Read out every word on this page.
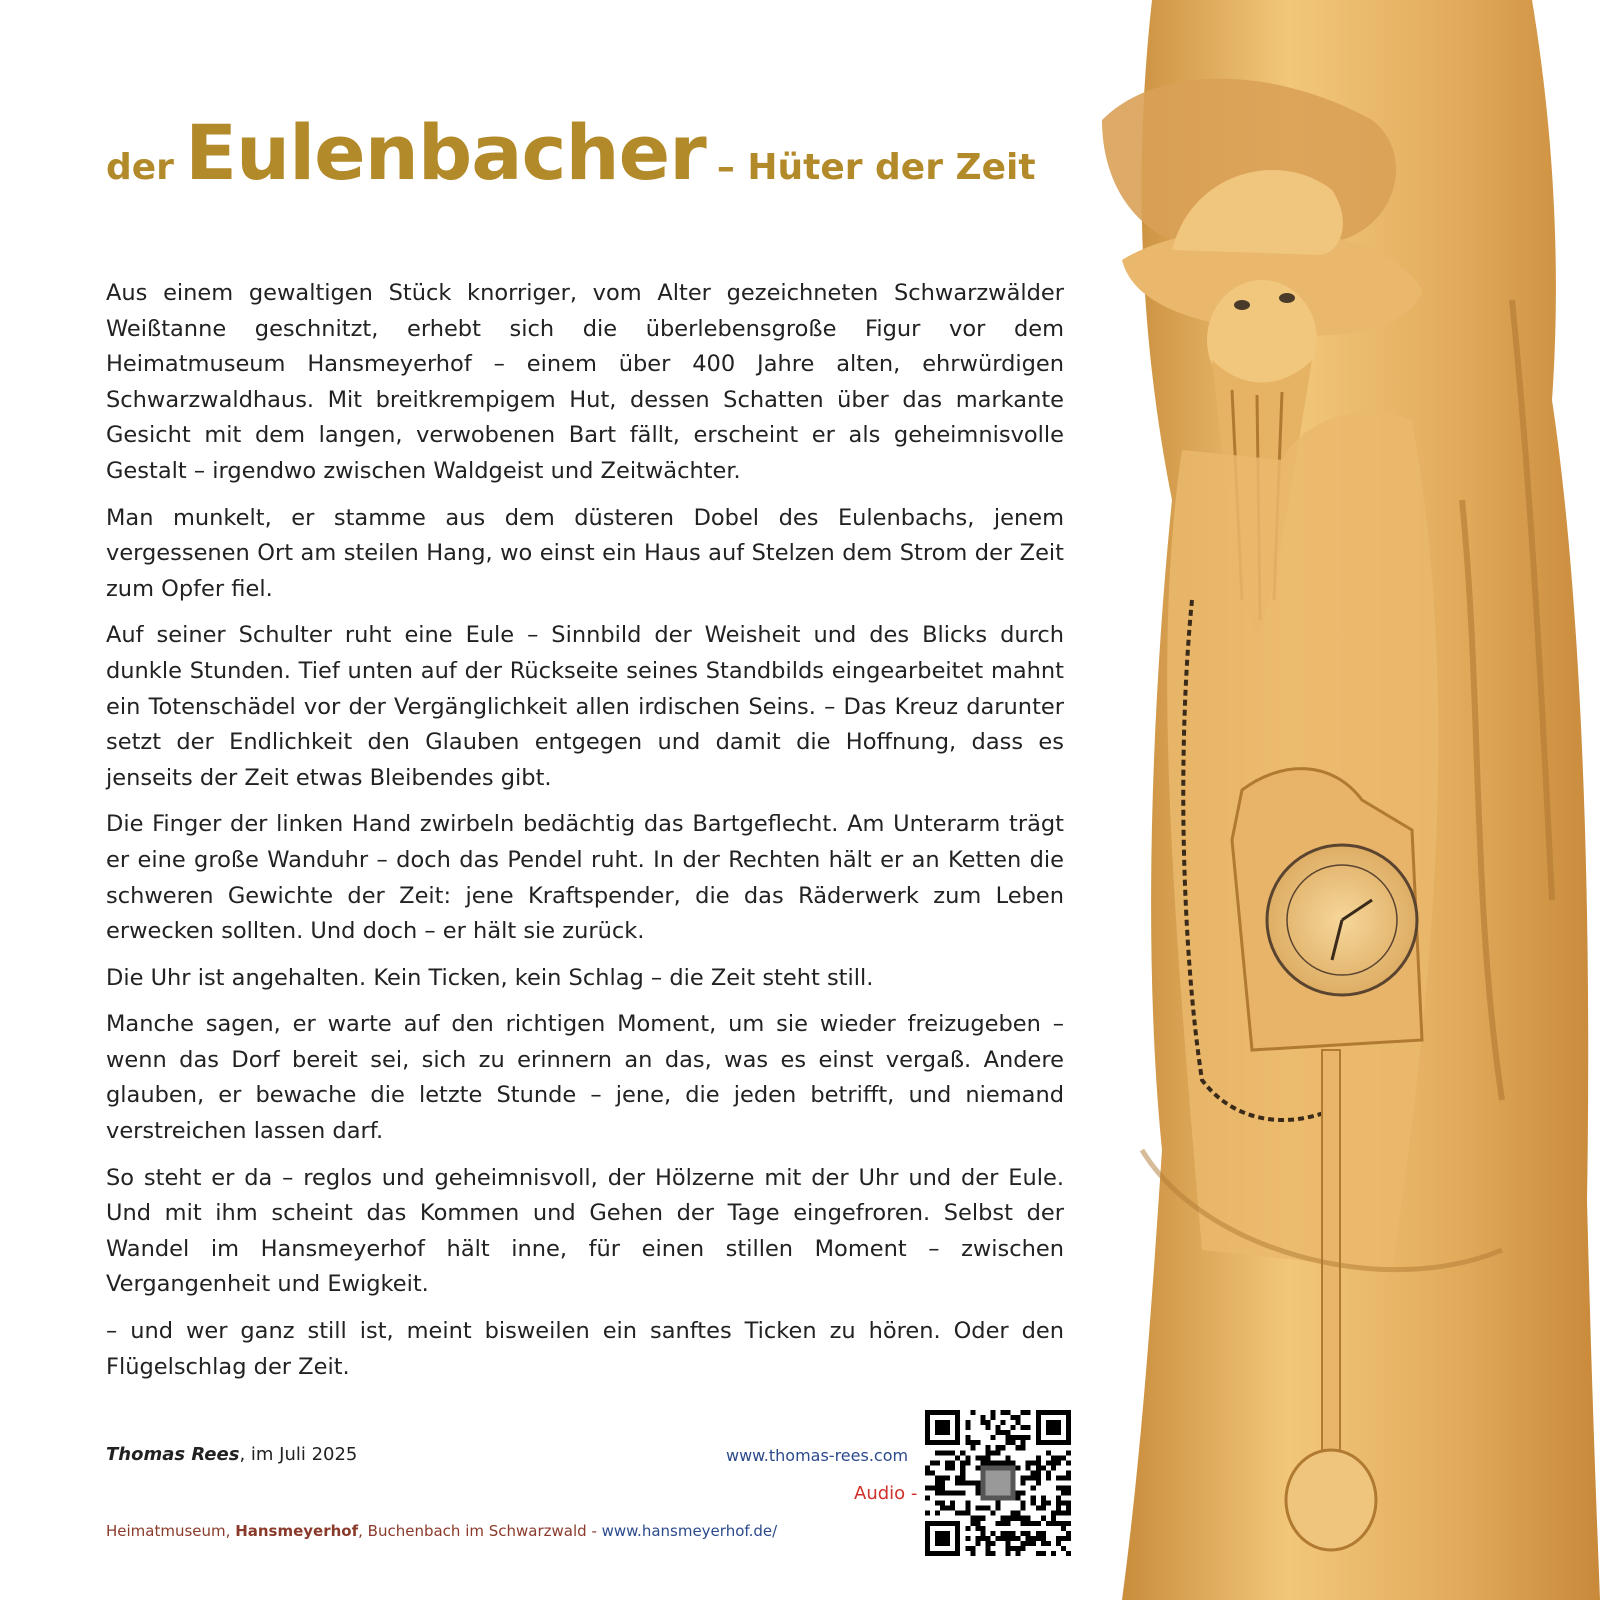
der Eulenbacher – Hüter der Zeit

Aus einem gewaltigen Stück knorriger, vom Alter gezeichneten Schwarzwälder Weißtanne geschnitzt, erhebt sich die überlebensgroße Figur vor dem Heimatmuseum Hansmeyerhof – einem über 400 Jahre alten, ehrwürdigen Schwarzwaldhaus. Mit breitkrempigem Hut, dessen Schatten über das markante Gesicht mit dem langen, verwobenen Bart fällt, erscheint er als geheimnisvolle Gestalt – irgendwo zwischen Waldgeist und Zeitwächter.

Man munkelt, er stamme aus dem düsteren Dobel des Eulenbachs, jenem vergessenen Ort am steilen Hang, wo einst ein Haus auf Stelzen dem Strom der Zeit zum Opfer fiel.

Auf seiner Schulter ruht eine Eule – Sinnbild der Weisheit und des Blicks durch dunkle Stunden. Tief unten auf der Rückseite seines Standbilds eingearbeitet mahnt ein Totenschädel vor der Vergänglichkeit allen irdischen Seins. – Das Kreuz darunter setzt der Endlichkeit den Glauben entgegen und damit die Hoffnung, dass es jenseits der Zeit etwas Bleibendes gibt.

Die Finger der linken Hand zwirbeln bedächtig das Bartgeflecht. Am Unterarm trägt er eine große Wanduhr – doch das Pendel ruht. In der Rechten hält er an Ketten die schweren Gewichte der Zeit: jene Kraftspender, die das Räderwerk zum Leben erwecken sollten. Und doch – er hält sie zurück.

Die Uhr ist angehalten. Kein Ticken, kein Schlag – die Zeit steht still.

Manche sagen, er warte auf den richtigen Moment, um sie wieder freizugeben – wenn das Dorf bereit sei, sich zu erinnern an das, was es einst vergaß. Andere glauben, er bewache die letzte Stunde – jene, die jeden betrifft, und niemand verstreichen lassen darf.

So steht er da – reglos und geheimnisvoll, der Hölzerne mit der Uhr und der Eule. Und mit ihm scheint das Kommen und Gehen der Tage eingefroren. Selbst der Wandel im Hansmeyerhof hält inne, für einen stillen Moment – zwischen Vergangenheit und Ewigkeit.

– und wer ganz still ist, meint bisweilen ein sanftes Ticken zu hören. Oder den Flügelschlag der Zeit.

Thomas Rees, im Juli 2025	www.thomas-rees.com
Audio -
Heimatmuseum, Hansmeyerhof, Buchenbach im Schwarzwald - www.hansmeyerhof.de/
